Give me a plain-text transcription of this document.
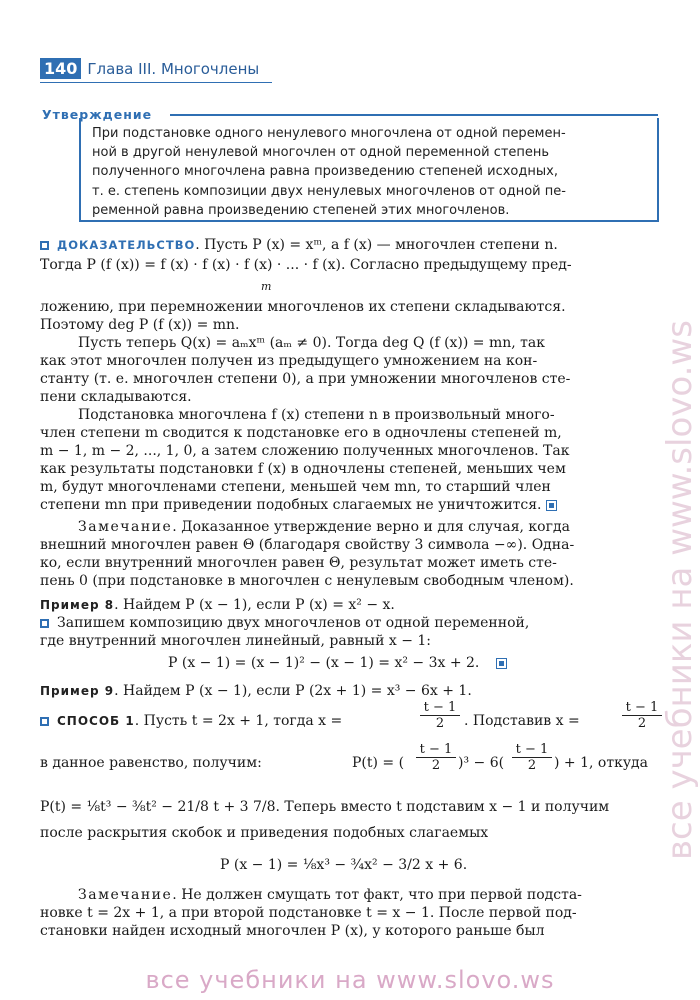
все учебники на www.slovo.ws
140 Глава III. Многочлены
Утверждение
При подстановке одного ненулевого многочлена от одной перемен-
ной в другой ненулевой многочлен от одной переменной степень
полученного многочлена равна произведению степеней исходных,
т. е. степень композиции двух ненулевых многочленов от одной пе-
ременной равна произведению степеней этих многочленов.
ДОКАЗАТЕЛЬСТВО. Пусть P (x) = xᵐ, а f (x) — многочлен степени n.
Тогда P (f (x)) = f (x) · f (x) · f (x) · ... · f (x). Согласно предыдущему пред-
m
ложению, при перемножении многочленов их степени складываются.
Поэтому deg P (f (x)) = mn.
Пусть теперь Q(x) = aₘxᵐ (aₘ ≠ 0). Тогда deg Q (f (x)) = mn, так
как этот многочлен получен из предыдущего умножением на кон-
станту (т. е. многочлен степени 0), а при умножении многочленов сте-
пени складываются.
Подстановка многочлена f (x) степени n в произвольный много-
член степени m сводится к подстановке его в одночлены степеней m,
m − 1, m − 2, ..., 1, 0, а затем сложению полученных многочленов. Так
как результаты подстановки f (x) в одночлены степеней, меньших чем
m, будут многочленами степени, меньшей чем mn, то старший член
степени mn при приведении подобных слагаемых не уничтожится.
Замечание. Доказанное утверждение верно и для случая, когда
внешний многочлен равен Θ (благодаря свойству 3 символа −∞). Одна-
ко, если внутренний многочлен равен Θ, результат может иметь сте-
пень 0 (при подстановке в многочлен с ненулевым свободным членом).
Пример 8. Найдем P (x − 1), если P (x) = x² − x.
Запишем композицию двух многочленов от одной переменной,
где внутренний многочлен линейный, равный x − 1:
P (x − 1) = (x − 1)² − (x − 1) = x² − 3x + 2.
Пример 9. Найдем P (x − 1), если P (2x + 1) = x³ − 6x + 1.
СПОСОБ 1. Пусть t = 2x + 1, тогда x =	$\frac{t - 1}{2}$ . Подставив x =	$\frac{t - 1}{2}$
в данное равенство, получим:	P(t) = ( $\frac{t - 1}{2} )^3 - 6( \frac{t - 1}{2}$ ) + 1, откуда
P(t) = ⅛t³ − ⅜t² − 21/8 t + 3 7/8. Теперь вместо t подставим x − 1 и получим
после раскрытия скобок и приведения подобных слагаемых
P (x − 1) = ⅛x³ − ¾x² − 3/2 x + 6.
Замечание. Не должен смущать тот факт, что при первой подста-
новке t = 2x + 1, а при второй подстановке t = x − 1. После первой под-
становки найден исходный многочлен P (x), у которого раньше был
все учебники на www.slovo.ws
